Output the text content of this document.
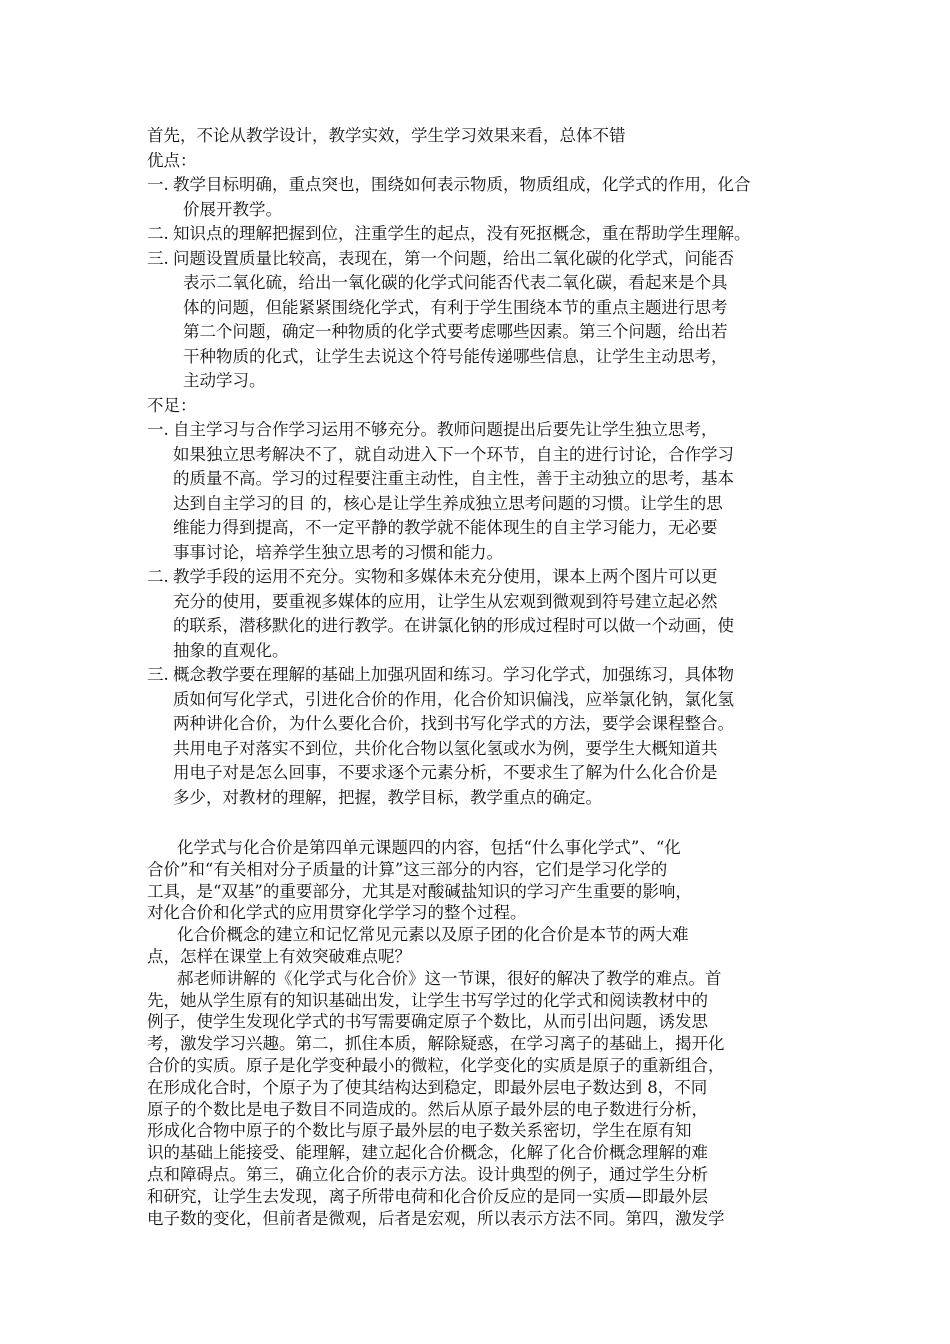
首先，不论从教学设计，教学实效，学生学习效果来看，总体不错
优点：
一. 教学目标明确，重点突也，围绕如何表示物质，物质组成，化学式的作用，化合
价展开教学。
二. 知识点的理解把握到位，注重学生的起点，没有死抠概念，重在帮助学生理解。
三. 问题设置质量比较高，表现在，第一个问题，给出二氧化碳的化学式，问能否
表示二氧化硫，给出一氧化碳的化学式问能否代表二氧化碳，看起来是个具
体的问题，但能紧紧围绕化学式，有利于学生围绕本节的重点主题进行思考
第二个问题，确定一种物质的化学式要考虑哪些因素。第三个问题，给出若
干种物质的化式，让学生去说这个符号能传递哪些信息，让学生主动思考，
主动学习。
不足：
一. 自主学习与合作学习运用不够充分。教师问题提出后要先让学生独立思考，
如果独立思考解决不了，就自动进入下一个环节，自主的进行讨论，合作学习
的质量不高。学习的过程要注重主动性，自主性，善于主动独立的思考，基本
达到自主学习的目 的，核心是让学生养成独立思考问题的习惯。让学生的思
维能力得到提高，不一定平静的教学就不能体现生的自主学习能力，无必要
事事讨论，培养学生独立思考的习惯和能力。
二. 教学手段的运用不充分。实物和多媒体未充分使用，课本上两个图片可以更
充分的使用，要重视多媒体的应用，让学生从宏观到微观到符号建立起必然
的联系，潜移默化的进行教学。在讲氯化钠的形成过程时可以做一个动画，使
抽象的直观化。
三. 概念教学要在理解的基础上加强巩固和练习。学习化学式，加强练习，具体物
质如何写化学式，引进化合价的作用，化合价知识偏浅，应举氯化钠，氯化氢
两种讲化合价，为什么要化合价，找到书写化学式的方法，要学会课程整合。
共用电子对落实不到位，共价化合物以氢化氢或水为例，要学生大概知道共
用电子对是怎么回事，不要求逐个元素分析，不要求生了解为什么化合价是
多少，对教材的理解，把握，教学目标，教学重点的确定。
化学式与化合价是第四单元课题四的内容，包括“什么事化学式”、“化
合价”和“有关相对分子质量的计算”这三部分的内容，它们是学习化学的
工具，是“双基”的重要部分，尤其是对酸碱盐知识的学习产生重要的影响，
对化合价和化学式的应用贯穿化学学习的整个过程。
化合价概念的建立和记忆常见元素以及原子团的化合价是本节的两大难
点，怎样在课堂上有效突破难点呢？
郝老师讲解的《化学式与化合价》这一节课，很好的解决了教学的难点。首
先，她从学生原有的知识基础出发，让学生书写学过的化学式和阅读教材中的
例子，使学生发现化学式的书写需要确定原子个数比，从而引出问题，诱发思
考，激发学习兴趣。第二，抓住本质，解除疑惑，在学习离子的基础上，揭开化
合价的实质。原子是化学变种最小的微粒，化学变化的实质是原子的重新组合，
在形成化合时，个原子为了使其结构达到稳定，即最外层电子数达到 8，不同
原子的个数比是电子数目不同造成的。然后从原子最外层的电子数进行分析，
形成化合物中原子的个数比与原子最外层的电子数关系密切，学生在原有知
识的基础上能接受、能理解，建立起化合价概念，化解了化合价概念理解的难
点和障碍点。第三，确立化合价的表示方法。设计典型的例子，通过学生分析
和研究，让学生去发现，离子所带电荷和化合价反应的是同一实质—即最外层
电子数的变化，但前者是微观，后者是宏观，所以表示方法不同。第四，激发学
